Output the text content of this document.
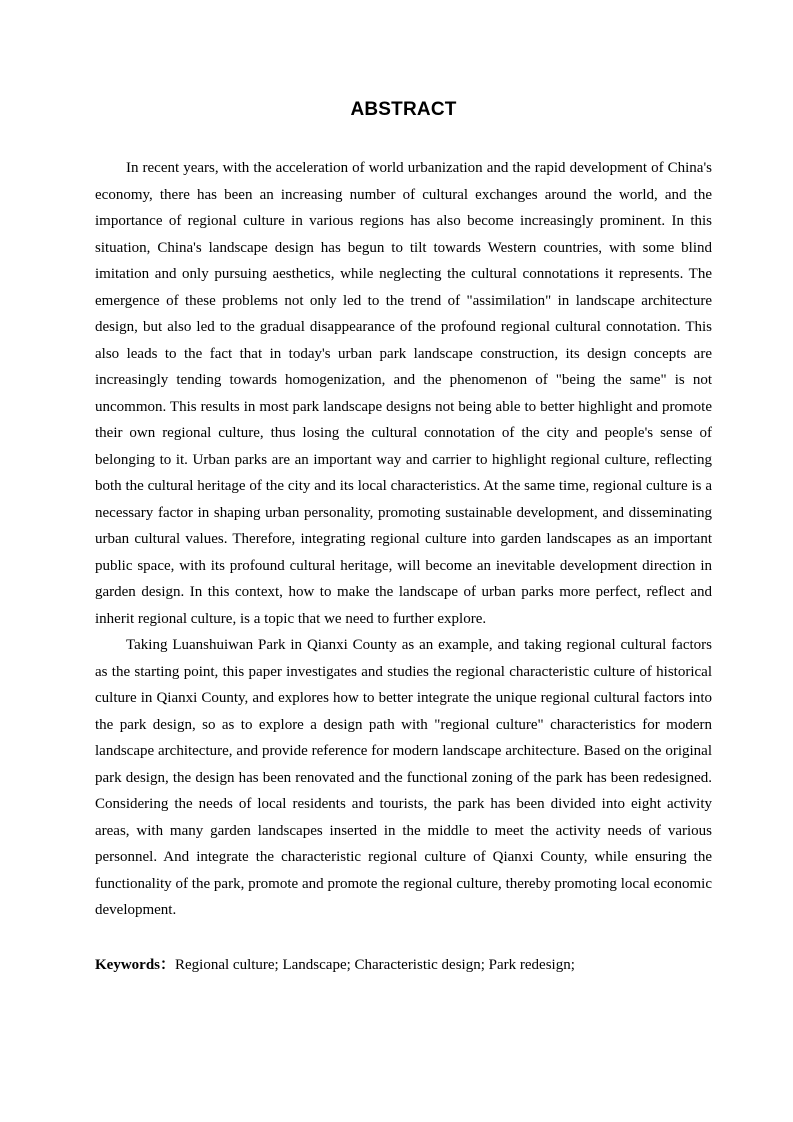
ABSTRACT

In recent years, with the acceleration of world urbanization and the rapid development of China's economy, there has been an increasing number of cultural exchanges around the world, and the importance of regional culture in various regions has also become increasingly prominent. In this situation, China's landscape design has begun to tilt towards Western countries, with some blind imitation and only pursuing aesthetics, while neglecting the cultural connotations it represents. The emergence of these problems not only led to the trend of "assimilation" in landscape architecture design, but also led to the gradual disappearance of the profound regional cultural connotation. This also leads to the fact that in today's urban park landscape construction, its design concepts are increasingly tending towards homogenization, and the phenomenon of "being the same" is not uncommon. This results in most park landscape designs not being able to better highlight and promote their own regional culture, thus losing the cultural connotation of the city and people's sense of belonging to it. Urban parks are an important way and carrier to highlight regional culture, reflecting both the cultural heritage of the city and its local characteristics. At the same time, regional culture is a necessary factor in shaping urban personality, promoting sustainable development, and disseminating urban cultural values. Therefore, integrating regional culture into garden landscapes as an important public space, with its profound cultural heritage, will become an inevitable development direction in garden design. In this context, how to make the landscape of urban parks more perfect, reflect and inherit regional culture, is a topic that we need to further explore.

Taking Luanshuiwan Park in Qianxi County as an example, and taking regional cultural factors as the starting point, this paper investigates and studies the regional characteristic culture of historical culture in Qianxi County, and explores how to better integrate the unique regional cultural factors into the park design, so as to explore a design path with "regional culture" characteristics for modern landscape architecture, and provide reference for modern landscape architecture. Based on the original park design, the design has been renovated and the functional zoning of the park has been redesigned. Considering the needs of local residents and tourists, the park has been divided into eight activity areas, with many garden landscapes inserted in the middle to meet the activity needs of various personnel. And integrate the characteristic regional culture of Qianxi County, while ensuring the functionality of the park, promote and promote the regional culture, thereby promoting local economic development.

Keywords：Regional culture; Landscape; Characteristic design; Park redesign;
